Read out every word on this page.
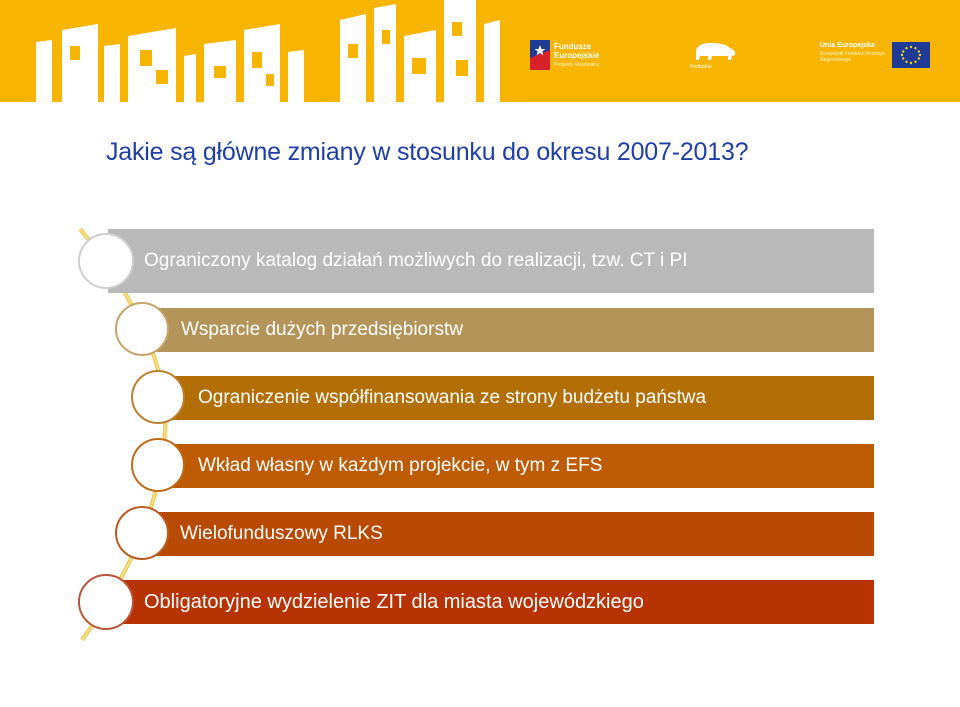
Fundusze
Europejskie
Program Regionalny	Podlaskie
Unia Europejska
Europejski Fundusz Rozwoju Regionalnego
Jakie są główne zmiany w stosunku do okresu 2007-2013?
Ograniczony katalog działań możliwych do realizacji, tzw. CT i PI
Wsparcie dużych przedsiębiorstw
Ograniczenie współfinansowania ze strony budżetu państwa
Wkład własny w każdym projekcie, w tym z EFS
Wielofunduszowy RLKS
Obligatoryjne wydzielenie ZIT dla miasta wojewódzkiego
